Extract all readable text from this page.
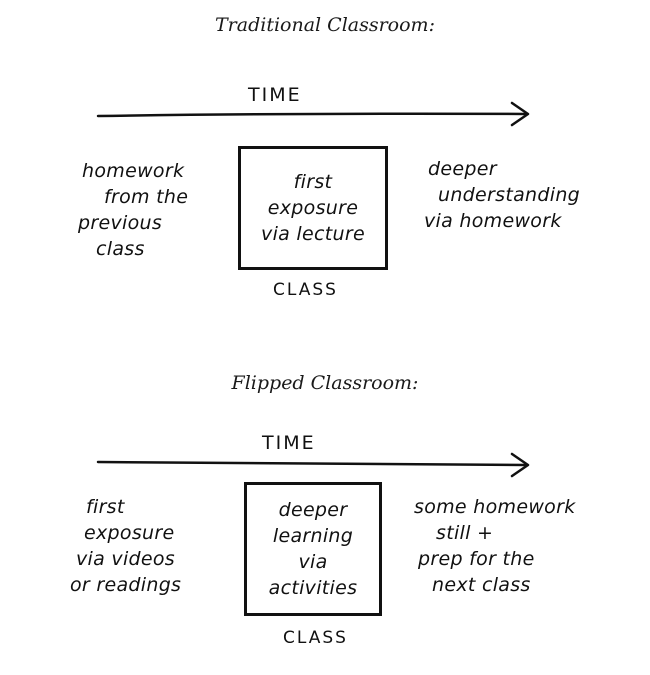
Traditional Classroom:
TIME
homework
from the
previous
class
first
exposure
via lecture
CLASS
deeper
understanding
via homework
Flipped Classroom:
TIME
first
exposure
via videos
or readings
deeper
learning
via
activities
CLASS
some homework
still +
prep for the
next class
